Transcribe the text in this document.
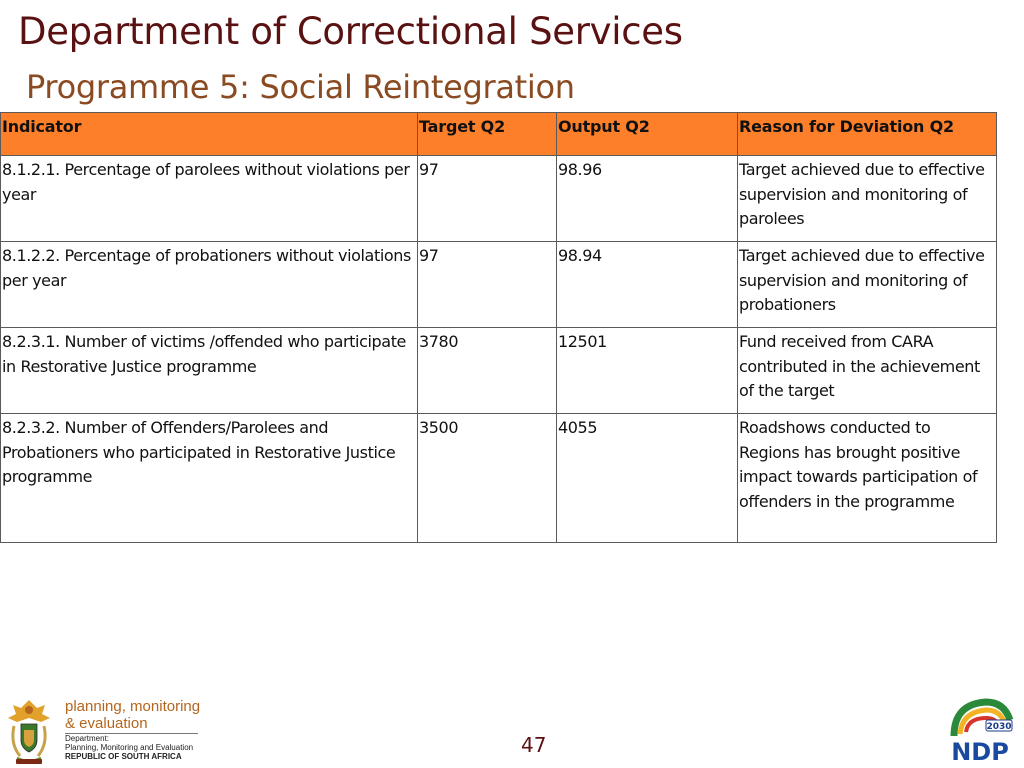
Department of Correctional Services
Programme 5: Social Reintegration
Indicator	Target Q2	Output Q2	Reason for Deviation Q2
8.1.2.1. Percentage of parolees without violations per year	97	98.96	Target achieved due to effective supervision and monitoring of parolees
8.1.2.2. Percentage of probationers without violations per year	97	98.94	Target achieved due to effective supervision and monitoring of probationers
8.2.3.1. Number of victims /offended who participate in Restorative Justice programme	3780	12501	Fund received from CARA contributed in the achievement of the target
8.2.3.2. Number of Offenders/Parolees and Probationers who participated in Restorative Justice programme	3500	4055	Roadshows conducted to Regions has brought positive impact towards participation of offenders in the programme
planning, monitoring
& evaluation
Department:
Planning, Monitoring and Evaluation
REPUBLIC OF SOUTH AFRICA	47
2030
NDP
